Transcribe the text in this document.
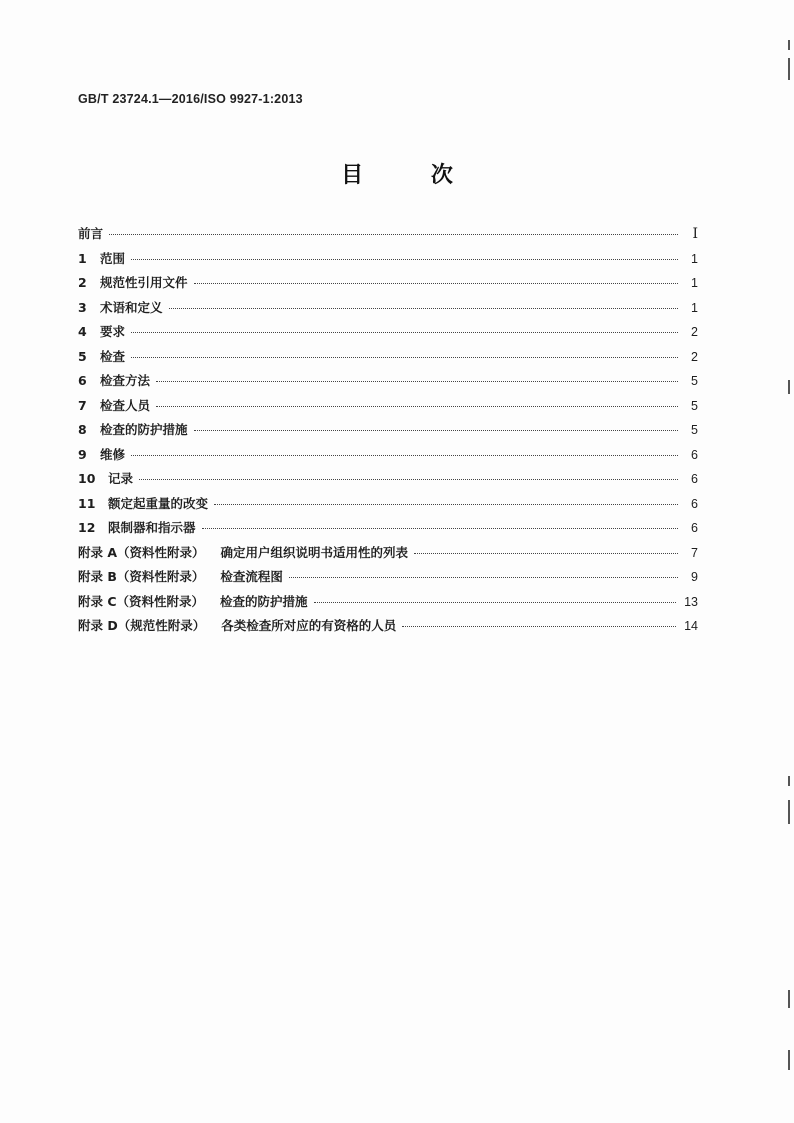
GB/T 23724.1—2016/ISO 9927-1:2013
目 次
前言	Ⅰ
1	范围	1
2	规范性引用文件	1
3	术语和定义	1
4	要求	2
5	检查	2
6	检查方法	5
7	检查人员	5
8	检查的防护措施	5
9	维修	6
10	记录	6
11	额定起重量的改变	6
12	限制器和指示器	6
附录 A（资料性附录） 确定用户组织说明书适用性的列表	7
附录 B（资料性附录） 检查流程图	9
附录 C（资料性附录） 检查的防护措施	13
附录 D（规范性附录） 各类检查所对应的有资格的人员	14
